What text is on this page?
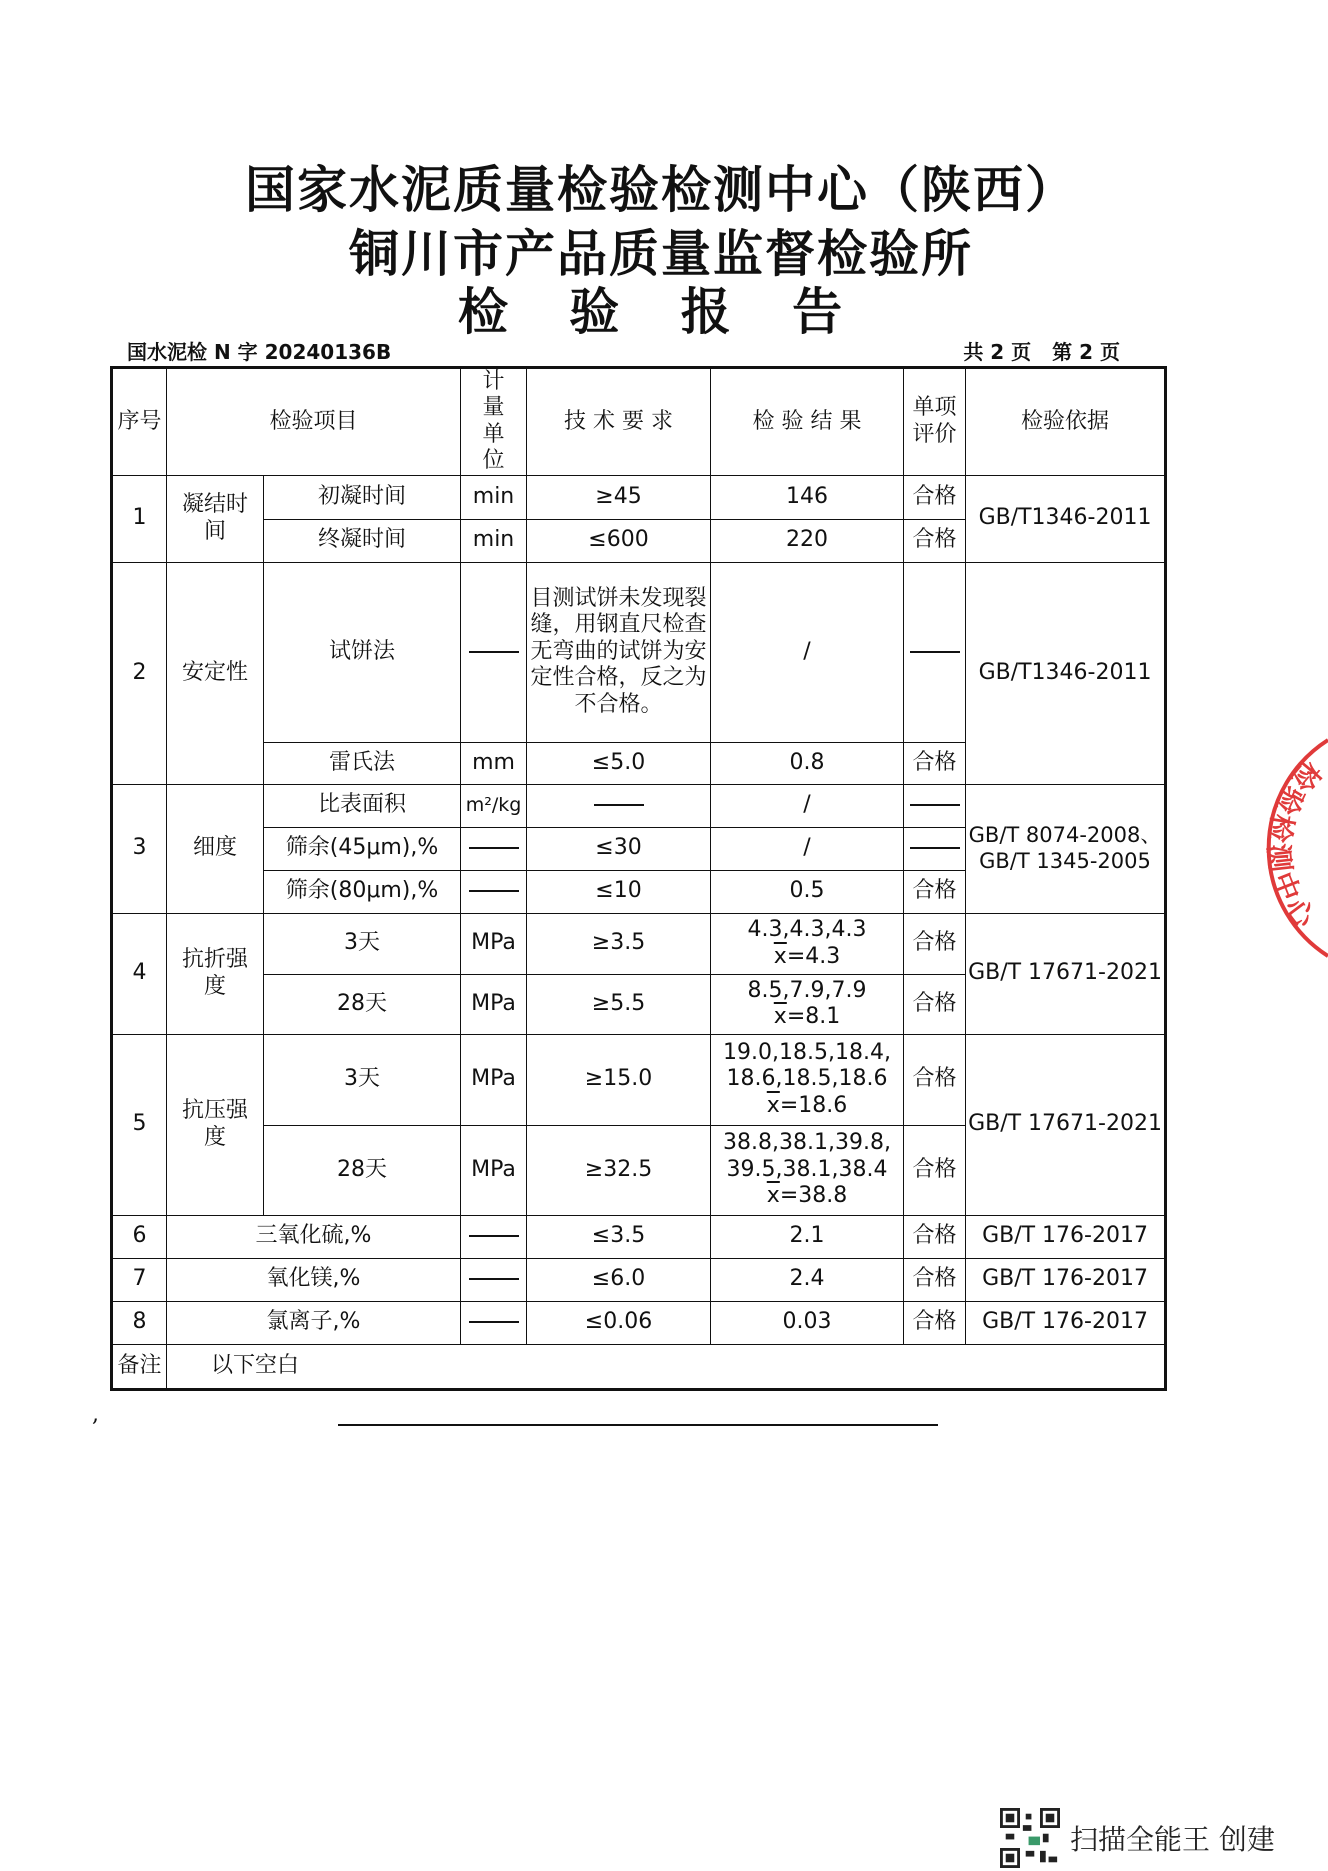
国家水泥质量检验检测中心（陕西）
铜川市产品质量监督检验所
检 验 报 告
国水泥检 N 字 20240136B	共 2 页 第 2 页
序号	检验项目		计量单位	技 术 要 求	检 验 结 果	单项评价	检验依据
1	凝结时间	初凝时间	min	≥45	146	合格	GB/T1346-2011
		终凝时间	min	≤600	220	合格	
2	安定性	试饼法		目测试饼未发现裂缝，用钢直尺检查无弯曲的试饼为安定性合格，反之为不合格。	/		GB/T1346-2011
		雷氏法	mm	≤5.0	0.8	合格	
3	细度	比表面积	m²/kg		/		GB/T 8074-2008、
GB/T 1345-2005

		筛余(45μm),%		≤30	/		
		筛余(80μm),%		≤10	0.5	合格	
4	抗折强度	3天	MPa	≥3.5	4.3,4.3,4.3
$\overline{x}=4.3$	合格	GB/T 17671-2021
		28天	MPa	≥5.5	8.5,7.9,7.9
$\overline{x}=8.1$	合格	
5	抗压强度	3天	MPa	≥15.0	19.0,18.5,18.4,
18.6,18.5,18.6
$\overline{x}=18.6$	合格	GB/T 17671-2021
		28天	MPa	≥32.5	38.8,38.1,39.8,
39.5,38.1,38.4
$\overline{x}=38.8$	合格	
6	三氧化硫,%			≤3.5	2.1	合格	GB/T 176-2017
7	氧化镁,%			≤6.0	2.4	合格	GB/T 176-2017
8	氯离子,%			≤0.06	0.03	合格	GB/T 176-2017
备注	以下空白						
检验检测中心
,
扫描全能王 创建
